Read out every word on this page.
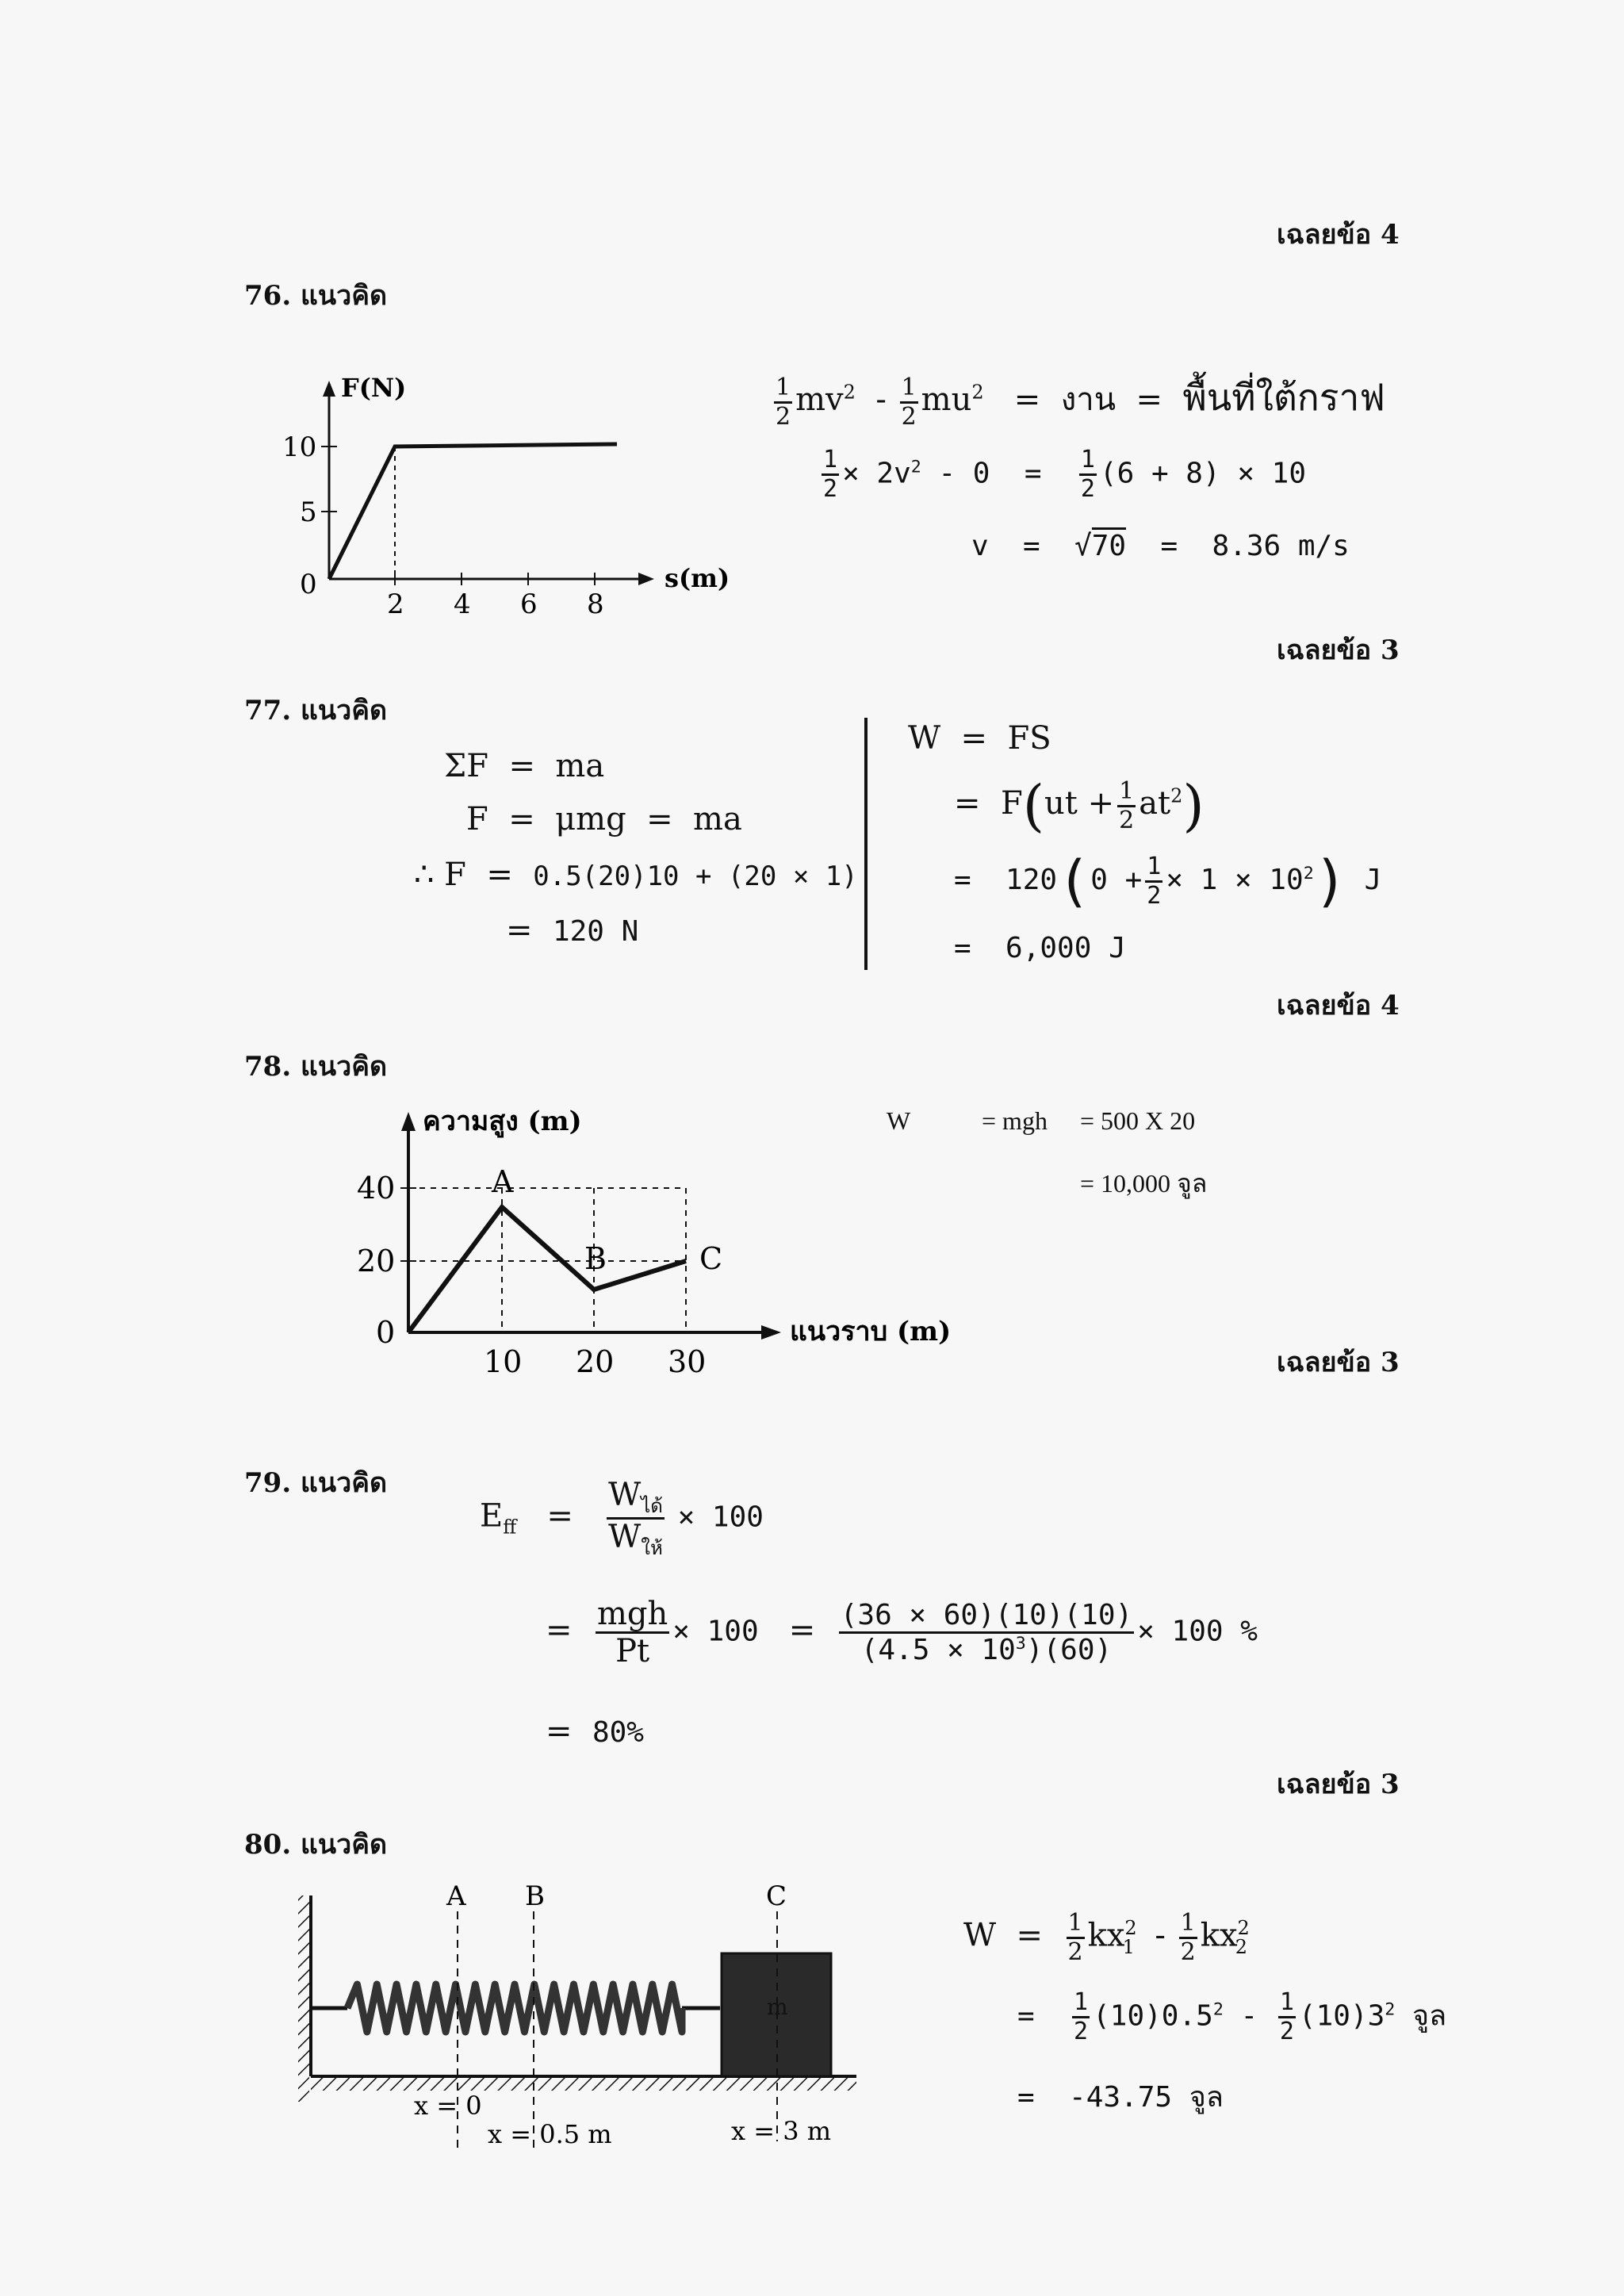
เฉลยข้อ 4
76. แนวคิด
F(N)
s(m)
0
5
10
2 4 6 8
$\frac{1}{2} mv^2 - \frac{1}{2} mu^2$   =  งาน  =  พื้นที่ใต้กราฟ
$\frac{1}{2} \times 2v^2 - 0 = \frac{1}{2} (6 + 8) \times 10$
v  =  √70  =  8.36 m/s
เฉลยข้อ 3
77. แนวคิด
ΣF  =  ma
F  =  μmg  =  ma
∴ F  =  0.5(20)10 + (20 × 1)
=  120 N
W  =  FS
=  $F(ut + \frac{1}{2} at^2)$
=  $120(0 + \frac{1}{2} \times 1 \times 10^2)$ J
=  6,000 J
เฉลยข้อ 4
78. แนวคิด
ความสูง (m)
แนวราบ (m)
0
20
40
10 20 30
A
B	C
W	= mgh = 500 X 20
= 10,000 จูล
เฉลยข้อ 3
79. แนวคิด
$E_{ff} = \frac{W_{ได้}}{W_{ให้}} \times 100$
= $\frac{\text{mgh}}{Pt} \times 100 = \frac{(36 \times 60)(10)(10)}{(4.5 \times 10^3)(60)} \times 100$ %
=  80%
เฉลยข้อ 3
80. แนวคิด
A B	C
m
x = 0
x = 0.5 m	x = 3 m
$W = \frac{1}{2} kx^2_1 - \frac{1}{2} kx^2_2$
= $\frac{1}{2} (10)0.5^2 - \frac{1}{2} (10)3^2$ จูล
=  -43.75 จูล
